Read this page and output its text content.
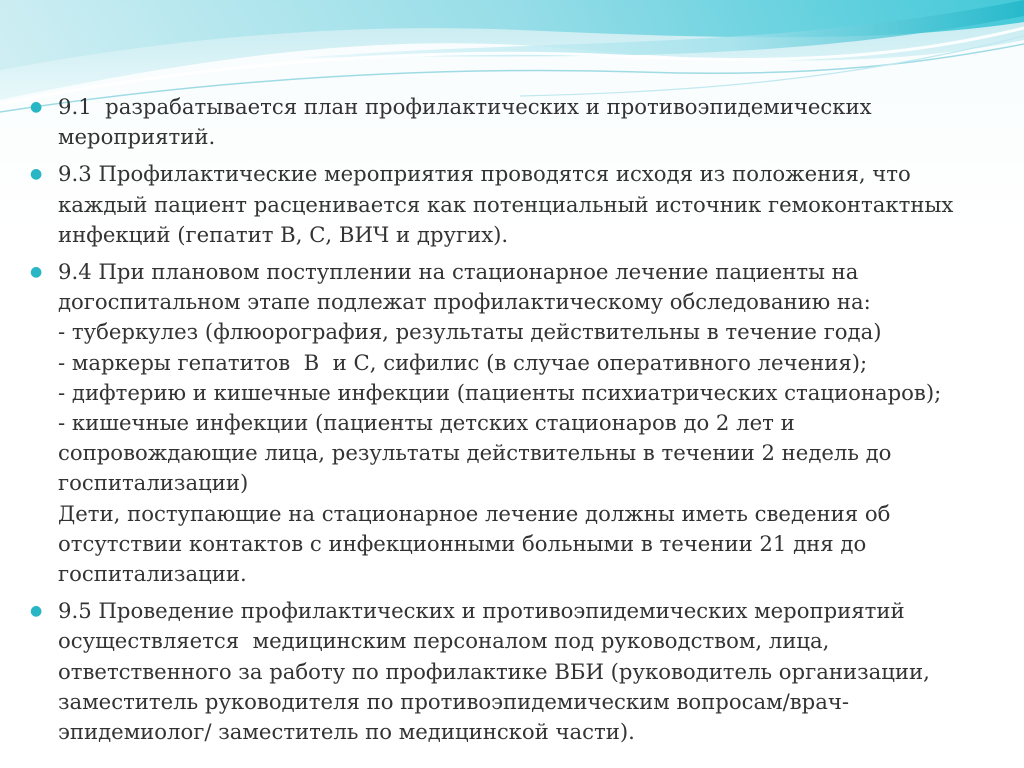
● 9.1  разрабатывается план профилактических и противоэпидемических
мероприятий.
● 9.3 Профилактические мероприятия проводятся исходя из положения, что
каждый пациент расценивается как потенциальный источник гемоконтактных
инфекций (гепатит В, С, ВИЧ и других).
● 9.4 При плановом поступлении на стационарное лечение пациенты на
догоспитальном этапе подлежат профилактическому обследованию на:
- туберкулез (флюорография, результаты действительны в течение года)
- маркеры гепатитов  В  и С, сифилис (в случае оперативного лечения);
- дифтерию и кишечные инфекции (пациенты психиатрических стационаров);
- кишечные инфекции (пациенты детских стационаров до 2 лет и
сопровождающие лица, результаты действительны в течении 2 недель до
госпитализации)
Дети, поступающие на стационарное лечение должны иметь сведения об
отсутствии контактов с инфекционными больными в течении 21 дня до
госпитализации.
● 9.5 Проведение профилактических и противоэпидемических мероприятий
осуществляется  медицинским персоналом под руководством, лица,
ответственного за работу по профилактике ВБИ (руководитель организации,
заместитель руководителя по противоэпидемическим вопросам/врач-
эпидемиолог/ заместитель по медицинской части).
